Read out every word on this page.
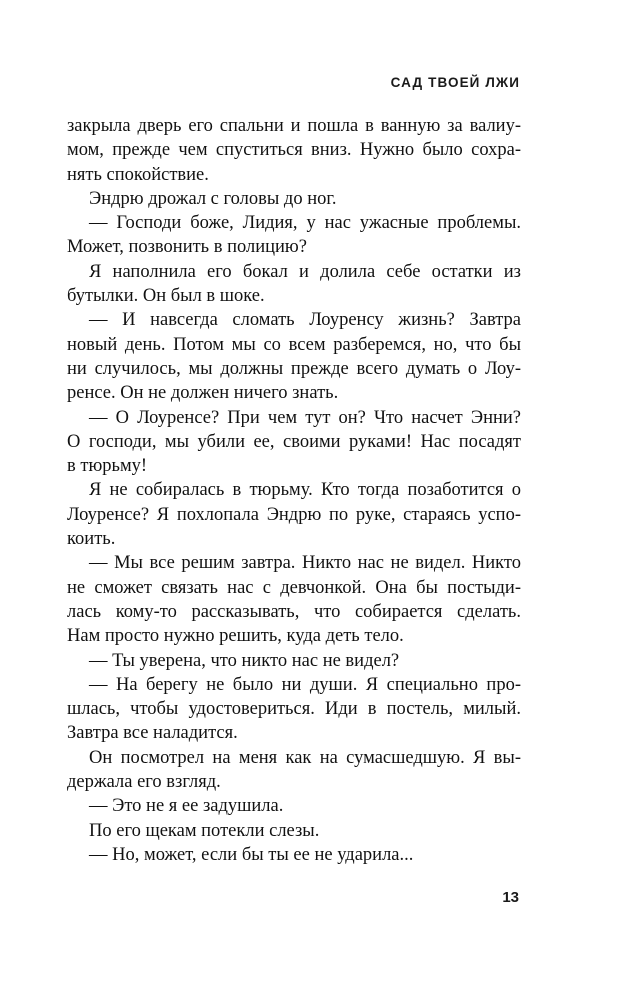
САД ТВОЕЙ ЛЖИ
закрыла дверь его спальни и пошла в ванную за валиу-
мом, прежде чем спуститься вниз. Нужно было сохра-
нять спокойствие.
Эндрю дрожал с головы до ног.
— Господи боже, Лидия, у нас ужасные проблемы.
Может, позвонить в полицию?
Я наполнила его бокал и долила себе остатки из
бутылки. Он был в шоке.
— И навсегда сломать Лоуренсу жизнь? Завтра
новый день. Потом мы со всем разберемся, но, что бы
ни случилось, мы должны прежде всего думать о Лоу-
ренсе. Он не должен ничего знать.
— О Лоуренсе? При чем тут он? Что насчет Энни?
О господи, мы убили ее, своими руками! Нас посадят
в тюрьму!
Я не собиралась в тюрьму. Кто тогда позаботится о
Лоуренсе? Я похлопала Эндрю по руке, стараясь успо-
коить.
— Мы все решим завтра. Никто нас не видел. Никто
не сможет связать нас с девчонкой. Она бы постыди-
лась кому-то рассказывать, что собирается сделать.
Нам просто нужно решить, куда деть тело.
— Ты уверена, что никто нас не видел?
— На берегу не было ни души. Я специально про-
шлась, чтобы удостовериться. Иди в постель, милый.
Завтра все наладится.
Он посмотрел на меня как на сумасшедшую. Я вы-
держала его взгляд.
— Это не я ее задушила.
По его щекам потекли слезы.
— Но, может, если бы ты ее не ударила...
13
